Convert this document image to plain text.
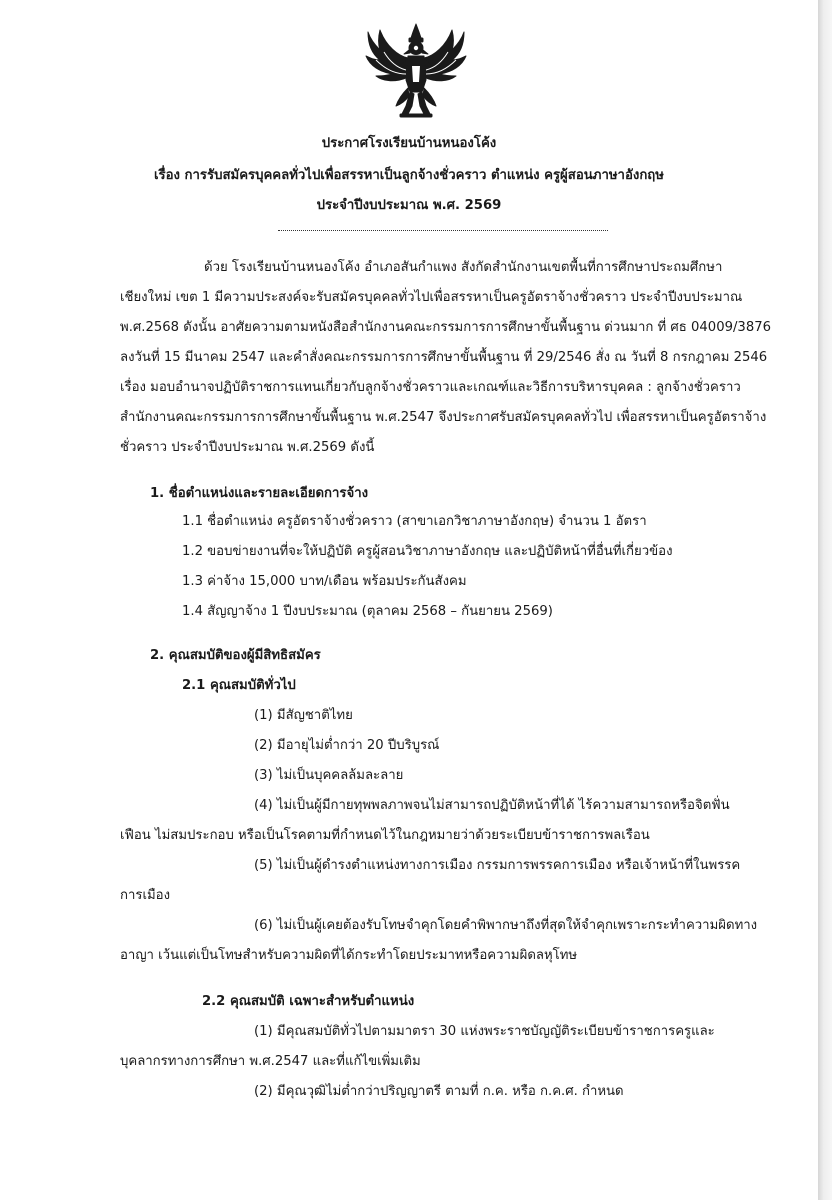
ประกาศโรงเรียนบ้านหนองโค้ง
เรื่อง การรับสมัครบุคคลทั่วไปเพื่อสรรหาเป็นลูกจ้างชั่วคราว ตำแหน่ง ครูผู้สอนภาษาอังกฤษ
ประจำปีงบประมาณ พ.ศ. 2569
ด้วย โรงเรียนบ้านหนองโค้ง อำเภอสันกำแพง สังกัดสำนักงานเขตพื้นที่การศึกษาประถมศึกษา
เชียงใหม่ เขต 1 มีความประสงค์จะรับสมัครบุคคลทั่วไปเพื่อสรรหาเป็นครูอัตราจ้างชั่วคราว ประจำปีงบประมาณ
พ.ศ.2568 ดังนั้น อาศัยความตามหนังสือสำนักงานคณะกรรมการการศึกษาขั้นพื้นฐาน ด่วนมาก ที่ ศธ 04009/3876
ลงวันที่ 15 มีนาคม 2547 และคำสั่งคณะกรรมการการศึกษาขั้นพื้นฐาน ที่ 29/2546 สั่ง ณ วันที่ 8 กรกฎาคม 2546
เรื่อง มอบอำนาจปฏิบัติราชการแทนเกี่ยวกับลูกจ้างชั่วคราวและเกณฑ์และวิธีการบริหารบุคคล : ลูกจ้างชั่วคราว
สำนักงานคณะกรรมการการศึกษาขั้นพื้นฐาน พ.ศ.2547 จึงประกาศรับสมัครบุคคลทั่วไป เพื่อสรรหาเป็นครูอัตราจ้าง
ชั่วคราว ประจำปีงบประมาณ พ.ศ.2569 ดังนี้
1. ชื่อตำแหน่งและรายละเอียดการจ้าง
1.1 ชื่อตำแหน่ง ครูอัตราจ้างชั่วคราว (สาขาเอกวิชาภาษาอังกฤษ) จำนวน 1 อัตรา
1.2 ขอบข่ายงานที่จะให้ปฏิบัติ ครูผู้สอนวิชาภาษาอังกฤษ และปฏิบัติหน้าที่อื่นที่เกี่ยวข้อง
1.3 ค่าจ้าง 15,000 บาท/เดือน พร้อมประกันสังคม
1.4 สัญญาจ้าง 1 ปีงบประมาณ (ตุลาคม 2568 – กันยายน 2569)
2. คุณสมบัติของผู้มีสิทธิสมัคร
2.1 คุณสมบัติทั่วไป
(1) มีสัญชาติไทย
(2) มีอายุไม่ต่ำกว่า 20 ปีบริบูรณ์
(3) ไม่เป็นบุคคลล้มละลาย
(4) ไม่เป็นผู้มีกายทุพพลภาพจนไม่สามารถปฏิบัติหน้าที่ได้ ไร้ความสามารถหรือจิตฟั่น
เฟือน ไม่สมประกอบ หรือเป็นโรคตามที่กำหนดไว้ในกฎหมายว่าด้วยระเบียบข้าราชการพลเรือน
(5) ไม่เป็นผู้ดำรงตำแหน่งทางการเมือง กรรมการพรรคการเมือง หรือเจ้าหน้าที่ในพรรค
การเมือง
(6) ไม่เป็นผู้เคยต้องรับโทษจำคุกโดยคำพิพากษาถึงที่สุดให้จำคุกเพราะกระทำความผิดทาง
อาญา เว้นแต่เป็นโทษสำหรับความผิดที่ได้กระทำโดยประมาทหรือความผิดลหุโทษ
2.2 คุณสมบัติ เฉพาะสำหรับตำแหน่ง
(1) มีคุณสมบัติทั่วไปตามมาตรา 30 แห่งพระราชบัญญัติระเบียบข้าราชการครูและ
บุคลากรทางการศึกษา พ.ศ.2547 และที่แก้ไขเพิ่มเติม
(2) มีคุณวุฒิไม่ต่ำกว่าปริญญาตรี ตามที่ ก.ค. หรือ ก.ค.ศ. กำหนด
